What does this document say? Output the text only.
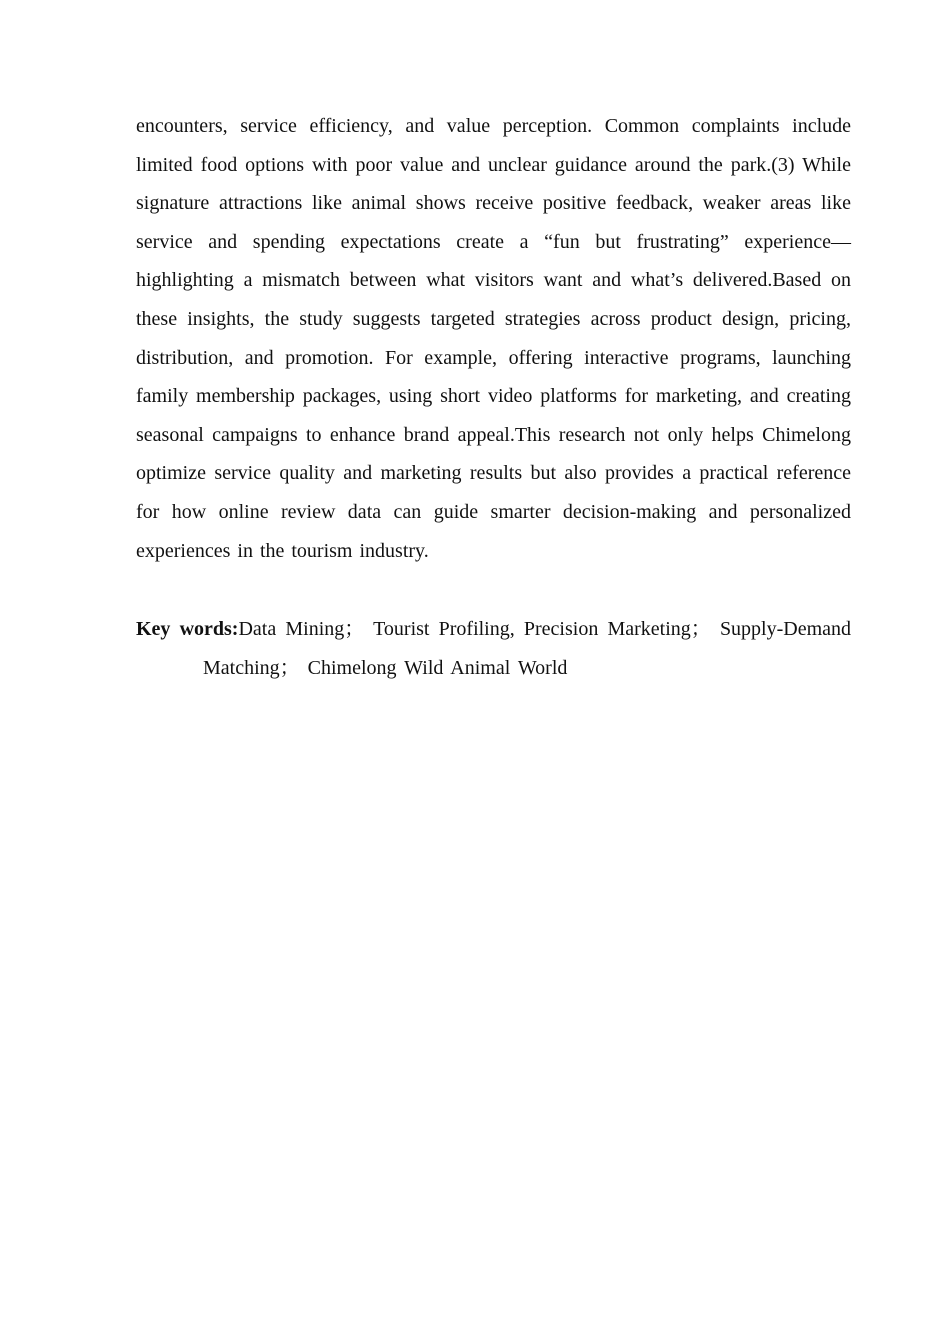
encounters, service efficiency, and value perception. Common complaints include limited food options with poor value and unclear guidance around the park.(3) While signature attractions like animal shows receive positive feedback, weaker areas like service and spending expectations create a “fun but frustrating” experience—highlighting a mismatch between what visitors want and what’s delivered.Based on these insights, the study suggests targeted strategies across product design, pricing, distribution, and promotion. For example, offering interactive programs, launching family membership packages, using short video platforms for marketing, and creating seasonal campaigns to enhance brand appeal.This research not only helps Chimelong optimize service quality and marketing results but also provides a practical reference for how online review data can guide smarter decision-making and personalized experiences in the tourism industry.

Key words:Data Mining； Tourist Profiling, Precision Marketing； Supply-Demand Matching； Chimelong Wild Animal World
